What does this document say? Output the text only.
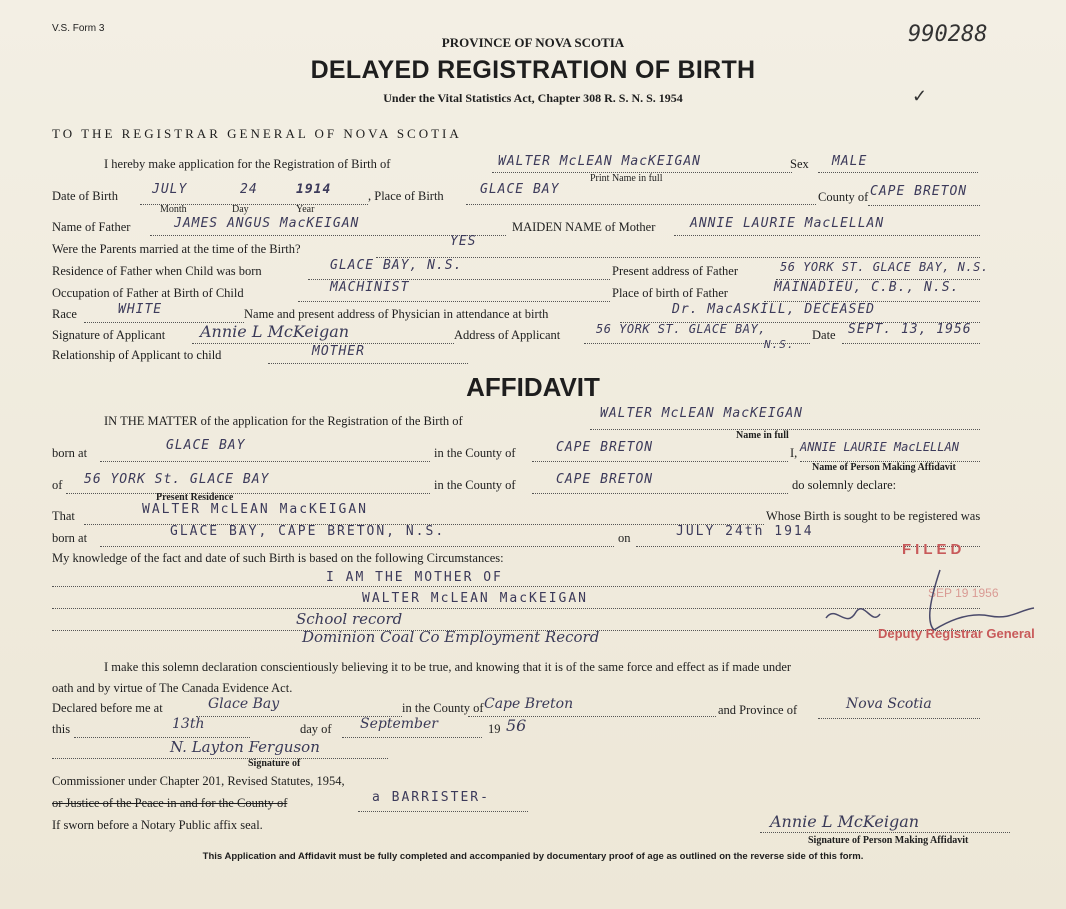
V.S. Form 3	990288
✓
PROVINCE OF NOVA SCOTIA
DELAYED REGISTRATION OF BIRTH
Under the Vital Statistics Act, Chapter 308 R. S. N. S. 1954
TO THE REGISTRAR GENERAL OF NOVA SCOTIA
I hereby make application for the Registration of Birth of	WALTER McLEAN MacKEIGAN
Print Name in full
Sex MALE
Date of Birth	JULY	24	1914
Month	Day	Year
, Place of Birth	GLACE BAY	County of CAPE BRETON
Name of Father	JAMES ANGUS MacKEIGAN	MAIDEN NAME of Mother	ANNIE LAURIE MacLELLAN
Were the Parents married at the time of the Birth?	YES
Residence of Father when Child was born	GLACE BAY, N.S.	Present address of Father	56 YORK ST. GLACE BAY, N.S.
Occupation of Father at Birth of Child	MACHINIST	Place of birth of Father	MAINADIEU, C.B., N.S.
Race	WHITE	Name and present address of Physician in attendance at birth	Dr. MacASKILL, DECEASED
Signature of Applicant Annie L McKeigan	Address of Applicant	56 YORK ST. GLACE BAY,
N.S.
Date SEPT. 13, 1956
Relationship of Applicant to child	MOTHER
AFFIDAVIT
IN THE MATTER of the application for the Registration of the Birth of	WALTER McLEAN MacKEIGAN
Name in full
born at	GLACE BAY	in the County of	CAPE BRETON	I, ANNIE LAURIE MacLELLAN
Name of Person Making Affidavit
of 56 YORK St. GLACE BAY
Present Residence
in the County of	CAPE BRETON	do solemnly declare:
That	WALTER McLEAN MacKEIGAN	Whose Birth is sought to be registered was
born at	GLACE BAY, CAPE BRETON, N.S.	on	JULY 24th 1914
My knowledge of the fact and date of such Birth is based on the following Circumstances:
I AM THE MOTHER OF
WALTER McLEAN MacKEIGAN
School record
Dominion Coal Co Employment Record
FILED
SEP 19 1956
Deputy Registrar General
I make this solemn declaration conscientiously believing it to be true, and knowing that it is of the same force and effect as if made under
oath and by virtue of The Canada Evidence Act.
Declared before me at	Glace Bay	in the County of Cape Breton	and Province of	Nova Scotia
this	13th	day of September	19 56
N. Layton Ferguson
Signature of
Commissioner under Chapter 201, Revised Statutes, 1954,
or Justice of the Peace in and for the County of	a BARRISTER-
If sworn before a Notary Public affix seal.	Annie L McKeigan
Signature of Person Making Affidavit
This Application and Affidavit must be fully completed and accompanied by documentary proof of age as outlined on the reverse side of this form.
